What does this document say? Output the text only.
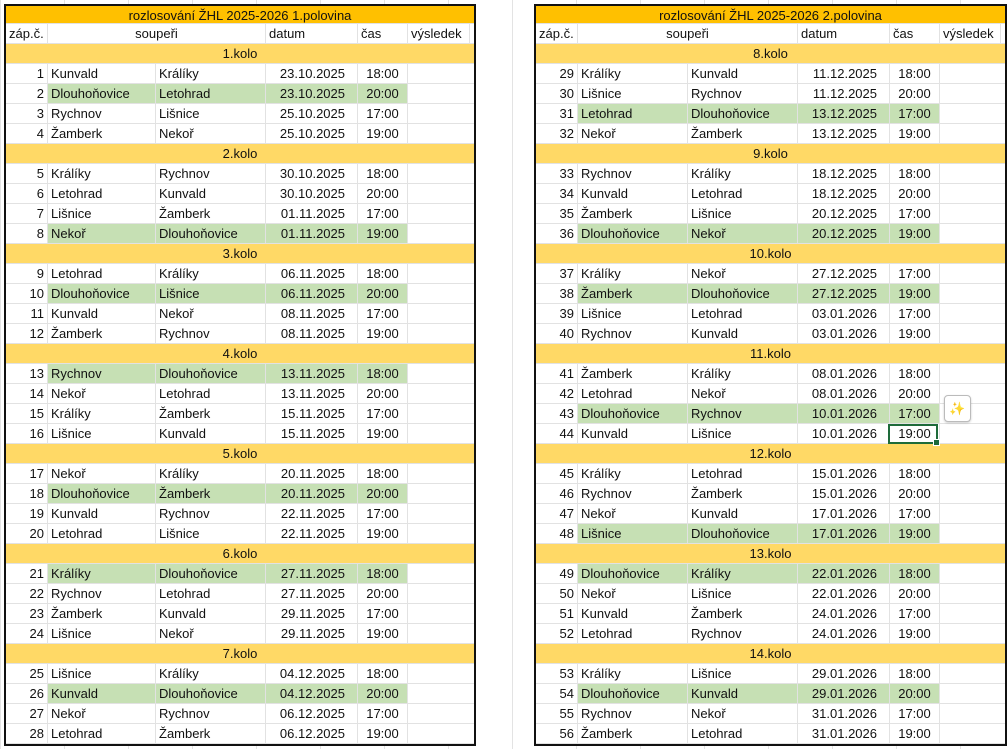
rozlosování ŽHL 2025-2026 1.polovina
záp.č.	soupeři	datum	čas	výsledek
1.kolo
1 Kunvald	Králíky	23.10.2025	18:00
2 Dlouhoňovice	Letohrad	23.10.2025	20:00
3 Rychnov	Lišnice	25.10.2025	17:00
4 Žamberk	Nekoř	25.10.2025	19:00
2.kolo
5 Králíky	Rychnov	30.10.2025	18:00
6 Letohrad	Kunvald	30.10.2025	20:00
7 Lišnice	Žamberk	01.11.2025	17:00
8 Nekoř	Dlouhoňovice	01.11.2025	19:00
3.kolo
9 Letohrad	Králíky	06.11.2025	18:00
10 Dlouhoňovice	Lišnice	06.11.2025	20:00
11 Kunvald	Nekoř	08.11.2025	17:00
12 Žamberk	Rychnov	08.11.2025	19:00
4.kolo
13 Rychnov	Dlouhoňovice	13.11.2025	18:00
14 Nekoř	Letohrad	13.11.2025	20:00
15 Králíky	Žamberk	15.11.2025	17:00
16 Lišnice	Kunvald	15.11.2025	19:00
5.kolo
17 Nekoř	Králíky	20.11.2025	18:00
18 Dlouhoňovice	Žamberk	20.11.2025	20:00
19 Kunvald	Rychnov	22.11.2025	17:00
20 Letohrad	Lišnice	22.11.2025	19:00
6.kolo
21 Králíky	Dlouhoňovice	27.11.2025	18:00
22 Rychnov	Letohrad	27.11.2025	20:00
23 Žamberk	Kunvald	29.11.2025	17:00
24 Lišnice	Nekoř	29.11.2025	19:00
7.kolo
25 Lišnice	Králíky	04.12.2025	18:00
26 Kunvald	Dlouhoňovice	04.12.2025	20:00
27 Nekoř	Rychnov	06.12.2025	17:00
28 Letohrad	Žamberk	06.12.2025	19:00
rozlosování ŽHL 2025-2026 2.polovina
záp.č.	soupeři	datum	čas	výsledek
8.kolo
29 Králíky	Kunvald	11.12.2025	18:00
30 Lišnice	Rychnov	11.12.2025	20:00
31 Letohrad	Dlouhoňovice	13.12.2025	17:00
32 Nekoř	Žamberk	13.12.2025	19:00
9.kolo
33 Rychnov	Králíky	18.12.2025	18:00
34 Kunvald	Letohrad	18.12.2025	20:00
35 Žamberk	Lišnice	20.12.2025	17:00
36 Dlouhoňovice	Nekoř	20.12.2025	19:00
10.kolo
37 Králíky	Nekoř	27.12.2025	17:00
38 Žamberk	Dlouhoňovice	27.12.2025	19:00
39 Lišnice	Letohrad	03.01.2026	17:00
40 Rychnov	Kunvald	03.01.2026	19:00
11.kolo
41 Žamberk	Králíky	08.01.2026	18:00
42 Letohrad	Nekoř	08.01.2026	20:00
43 Dlouhoňovice	Rychnov	10.01.2026	17:00
44 Kunvald	Lišnice	10.01.2026	19:00
12.kolo
45 Králíky	Letohrad	15.01.2026	18:00
46 Rychnov	Žamberk	15.01.2026	20:00
47 Nekoř	Kunvald	17.01.2026	17:00
48 Lišnice	Dlouhoňovice	17.01.2026	19:00
13.kolo
49 Dlouhoňovice	Králíky	22.01.2026	18:00
50 Nekoř	Lišnice	22.01.2026	20:00
51 Kunvald	Žamberk	24.01.2026	17:00
52 Letohrad	Rychnov	24.01.2026	19:00
14.kolo
53 Králíky	Lišnice	29.01.2026	18:00
54 Dlouhoňovice	Kunvald	29.01.2026	20:00
55 Rychnov	Nekoř	31.01.2026	17:00
56 Žamberk	Letohrad	31.01.2026	19:00
✨
